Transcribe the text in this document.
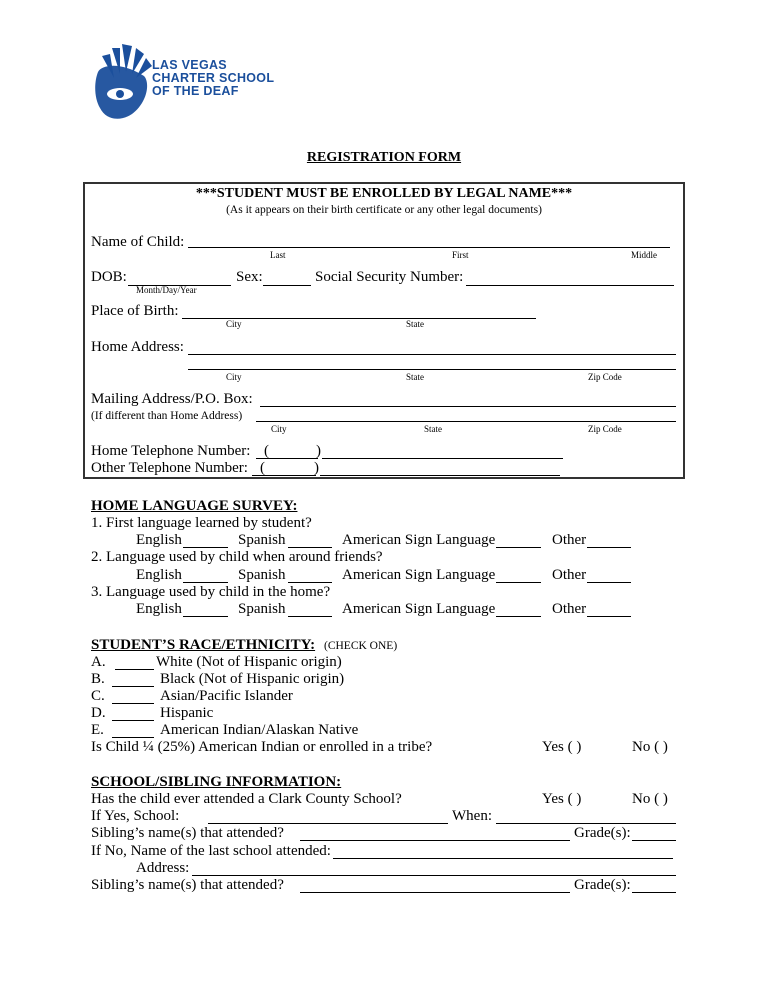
LAS VEGAS
CHARTER SCHOOL
OF THE DEAF
REGISTRATION FORM
***STUDENT MUST BE ENROLLED BY LEGAL NAME***
(As it appears on their birth certificate or any other legal documents)
Name of Child:
Last	First	Middle
DOB:
Month/Day/Year
Sex:	Social Security Number:
Place of Birth:
City	State
Home Address:
City	State	Zip Code
Mailing Address/P.O. Box:
(If different than Home Address)
City	State	Zip Code
Home Telephone Number: (	)
Other Telephone Number: (	)
HOME LANGUAGE SURVEY:
1. First language learned by student?
English	Spanish	American Sign Language	Other
2. Language used by child when around friends?
English	Spanish	American Sign Language	Other
3. Language used by child in the home?
English	Spanish	American Sign Language	Other
STUDENT’S RACE/ETHNICITY: (CHECK ONE)
A.	White (Not of Hispanic origin)
B.	Black (Not of Hispanic origin)
C.	Asian/Pacific Islander
D.	Hispanic
E.	American Indian/Alaskan Native
Is Child ¼ (25%) American Indian or enrolled in a tribe?	Yes ( )	No ( )
SCHOOL/SIBLING INFORMATION:
Has the child ever attended a Clark County School?	Yes ( )	No ( )
If Yes, School:	When:
Sibling’s name(s) that attended?	Grade(s):
If No, Name of the last school attended:
Address:
Sibling’s name(s) that attended?	Grade(s):
